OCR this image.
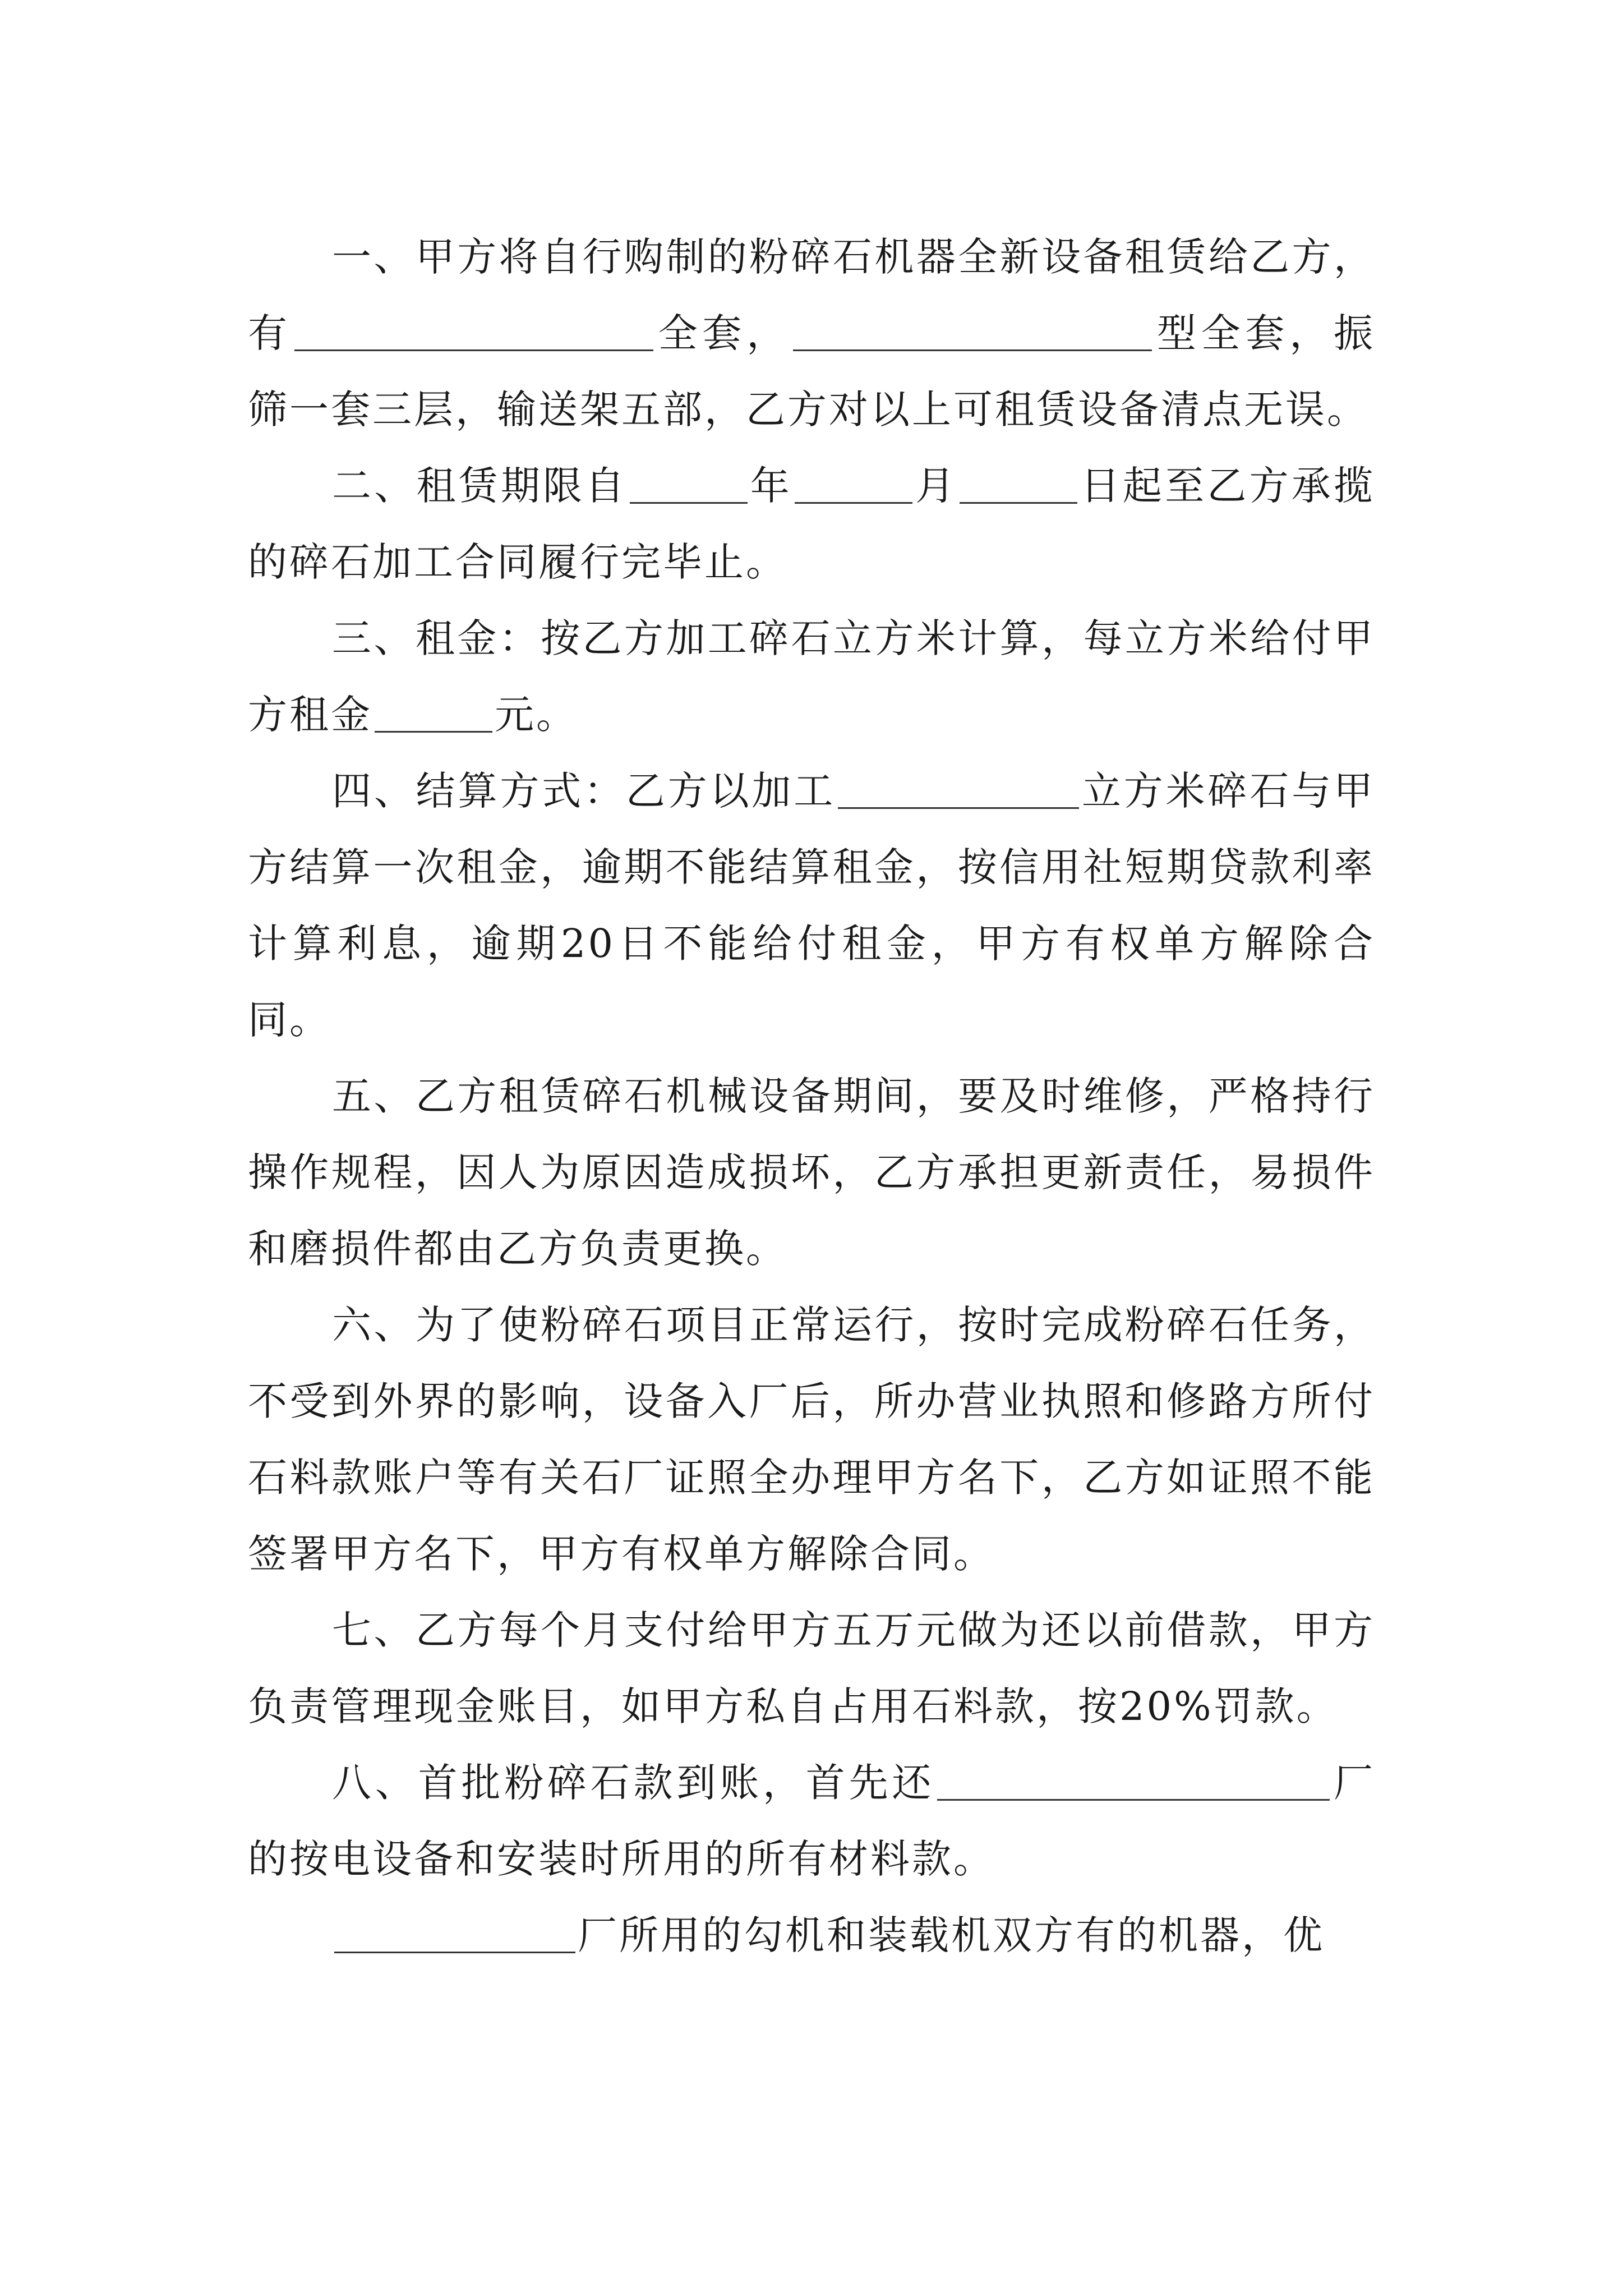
一、甲方将自行购制的粉碎石机器全新设备租赁给乙方，有	全套，	型全套，振筛一套三层，输送架五部，乙方对以上可租赁设备清点无误。

二、租赁期限自	年	月	日起至乙方承揽的碎石加工合同履行完毕止。

三、租金：按乙方加工碎石立方米计算，每立方米给付甲方租金	元。

四、结算方式：乙方以加工	立方米碎石与甲方结算一次租金，逾期不能结算租金，按信用社短期贷款利率计算利息，逾期20日不能给付租金，甲方有权单方解除合同。

五、乙方租赁碎石机械设备期间，要及时维修，严格持行操作规程，因人为原因造成损坏，乙方承担更新责任，易损件和磨损件都由乙方负责更换。

六、为了使粉碎石项目正常运行，按时完成粉碎石任务，不受到外界的影响，设备入厂后，所办营业执照和修路方所付石料款账户等有关石厂证照全办理甲方名下，乙方如证照不能签署甲方名下，甲方有权单方解除合同。

七、乙方每个月支付给甲方五万元做为还以前借款，甲方负责管理现金账目，如甲方私自占用石料款，按20%罚款。

八、首批粉碎石款到账，首先还	厂的按电设备和安装时所用的所有材料款。

厂所用的勾机和装载机双方有的机器，优
